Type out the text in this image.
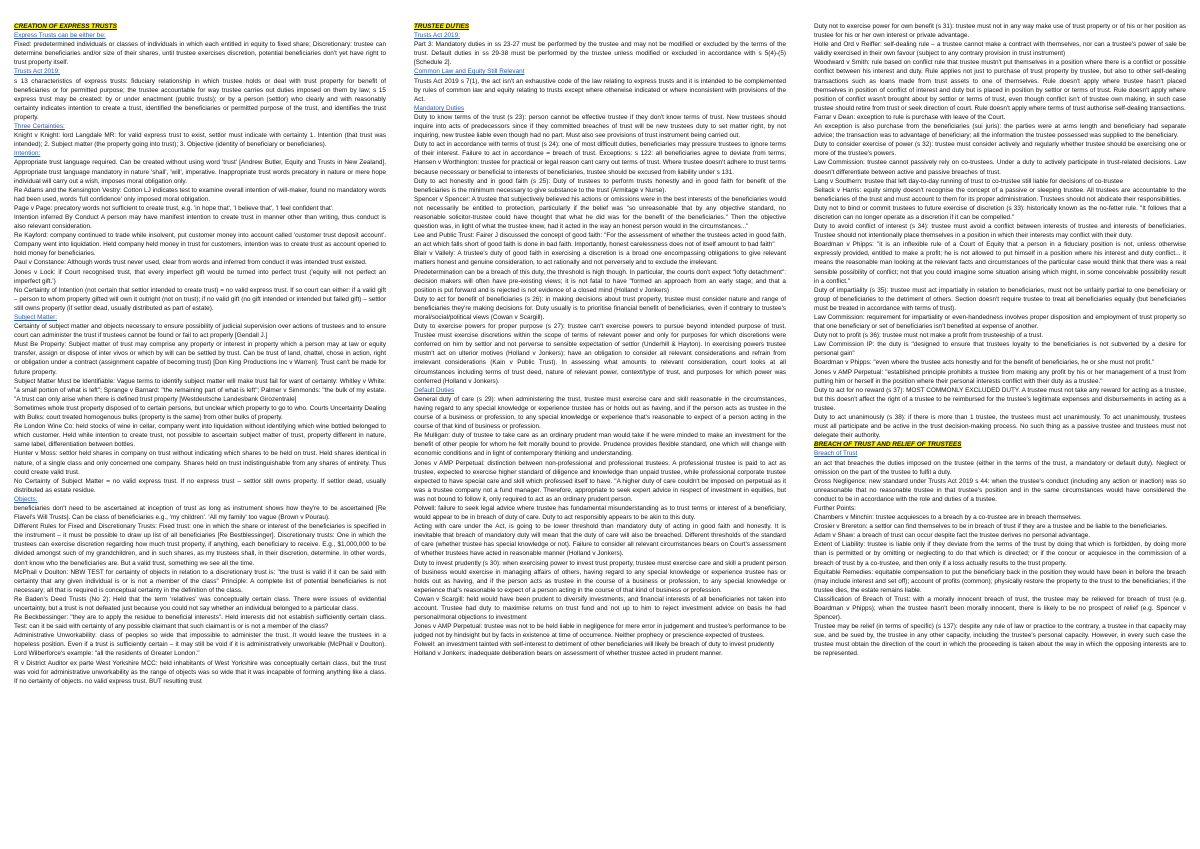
CREATION OF EXPRESS TRUSTS

Express Trusts can be either be:

Fixed: predetermined individuals or classes of individuals in which each entitled in equity to fixed share; Discretionary: trustee can determine beneficiaries and/or size of their shares, until trustee exercises discretion, potential beneficiaries don't yet have right to trust property itself.

Trusts Act 2019:

s 13 characteristics of express trusts: fiduciary relationship in which trustee holds or deal with trust property for benefit of beneficiaries or for permitted purpose; the trustee accountable for way trustee carries out duties imposed on them by law; s 15 express trust may be created: by or under enactment (public trusts); or by a person (settlor) who clearly and with reasonably certainty indicates intention to create a trust, identified the beneficiaries or permitted purpose of the trust, and identifies the trust property.

Three Certainties:

Knight v Knight: lord Langdale MR: for valid express trust to exist, settlor must indicate with certainty 1. Intention (that trust was intended); 2. Subject matter (the property going into trust); 3. Objective (identity of beneficiary or beneficiaries).

Intention:

Appropriate trust language required. Can be created without using word 'trust' [Andrew Butler, Equity and Trusts in New Zealand]. Appropriate trust language mandatory in nature 'shall', 'will', imperative. Inappropriate trust words precatory in nature or mere hope individual will carry out a wish, imposes moral obligation only.

Re Adams and the Kensington Vestry: Cotton LJ indicates test to examine overall intention of will-maker, found no mandatory words had been used, words 'full confidence' only imposed moral obligation.

Page v Page: precatory words not sufficient to create trust, e.g. 'in hope that', 'I believe that', 'I feel confident that'.

Intention inferred By Conduct A person may have manifest intention to create trust in manner other than writing, thus conduct is also relevant consideration.

Re Kayford: company continued to trade while insolvent, put customer money into account called 'customer trust deposit account'. Company went into liquidation. Held company held money in trust for customers, intention was to create trust as account opened to hold money for beneficiaries.

Paul v Constance: Although words trust never used, clear from words and inferred from conduct it was intended trust existed.

Jones v Lock: if Court recognised trust, that every imperfect gift would be turned into perfect trust ('equity will not perfect an imperfect gift.')

No Certainty of Intention (not certain that settlor intended to create trust) = no valid express trust. If so court can either: if a valid gift – person to whom property gifted will own it outright (not on trust); if no valid gift (no gift intended or intended but failed gift) – settlor still owns property (if settlor dead, usually distributed as part of estate).

Subject Matter:

Certainty of subject matter and objects necessary to ensure possibility of judicial supervision over actions of trustees and to ensure court can administer the trust if trustees cannot be found or fail to act properly [Gendall J.]

Must Be Property: Subject matter of trust may comprise any property or interest in property which a person may at law or equity transfer, assign or dispose of inter vivos or which by will can be settled by trust. Can be trust of land, chattel, chose in action, right or obligation under a contract (assignment capable of becoming trust) [Don King Productions Inc v Warren]. Trust can't be made for future property.

Subject Matter Must be Identifiable: Vague terms to identify subject matter will make trust fail for want of certainty: Whitley v White: "a small portion of what is left"; Sprange v Barnard: "the remaining part of what is left"; Palmer v Simmonds: "the bulk of my estate. "A trust can only arise when there is defined trust property [Westdeutsche Landesbank Girozentrale]

Sometimes whole trust property disposed of to certain persons, but unclear which property to go to who. Courts Uncertainty Dealing with Bulks: court treated homogenous bulks (property is the same) from other bulks of property.

Re London Wine Co: held stocks of wine in cellar, company went into liquidation without identifying which wine bottled belonged to which customer. Held while intention to create trust, not possible to ascertain subject matter of trust, property different in nature, same label, differentiation between bottles.

Hunter v Moss: settlor held shares in company on trust without indicating which shares to be held on trust. Held shares identical in nature, of a single class and only concerned one company. Shares held on trust indistinguishable from any shares of entirety. Thus could create valid trust.

No Certainty of Subject Matter = no valid express trust. If no express trust – settlor still owns property. If settlor dead, usually distributed as estate residue.

Objects:

beneficiaries don't need to be ascertained at inception of trust as long as instrument shows how they're to be ascertained [Re Flavel's Will Trusts]. Can be class of beneficiaries e.g., 'my children'. 'All my family' too vague (Brown v Pourau).

Different Rules for Fixed and Discretionary Trusts: Fixed trust: one in which the share or interest of the beneficiaries is specified in the instrument – it must be possible to draw up list of all beneficiaries [Re Bestblessinger]. Discretionary trusts: One in which the trustees can exercise discretion regarding how much trust property, if anything, each beneficiary to receive. E.g., $1,000,000 to be divided amongst such of my grandchildren, and in such shares, as my trustees shall, in their discretion, determine. In other words, don't know who the beneficiaries are. But a valid trust, something we see all the time.

McPhail v Doulton: NBW TEST for certainty of objects in relation to a discretionary trust is: "the trust is valid if it can be said with certainty that any given individual is or is not a member of the class" Principle: A complete list of potential beneficiaries is not necessary; all that is required is conceptual certainty in the definition of the class.

Re Baden's Deed Trusts (No 2): Held that the term 'relatives' was conceptually certain class. There were issues of evidential uncertainty, but a trust is not defeated just because you could not say whether an individual belonged to a particular class.

Re Beckbessinger: "they are to apply the residue to beneficial interests". Held interests did not establish sufficiently certain class. Test: can it be said with certainty of any possible claimant that such claimant is or is not a member of the class?

Administrative Unworkability: class of peoples so wide that impossible to administer the trust. It would leave the trustees in a hopeless position. Even if a trust is sufficiently certain – it may still be void if it is administratively unworkable (McPhail v Doulton). Lord Wilberforce's example: "all the residents of Greater London."

R v District Auditor ex parte West Yorkshire MCC: held inhabitants of West Yorkshire was conceptually certain class, but the trust was void for administrative unworkability as the range of objects was so wide that it was incapable of forming anything like a class. If no certainty of objects. no valid express trust. BUT resulting trust

TRUSTEE DUTIES

Trusts Act 2019:

Part 3: Mandatory duties in ss 23-27 must be performed by the trustee and may not be modified or excluded by the terms of the trust. Default duties in ss 29-38 must be performed by the trustee unless modified or excluded in accordance with s 5(4)-(5) [Schedule 2].

Common Law and Equity Still Relevant

Trusts Act 2019 s 7(1), the act isn't an exhaustive code of the law relating to express trusts and it is intended to be complemented by rules of common law and equity relating to trusts except where otherwise indicated or where inconsistent with provisions of the Act.

Mandatory Duties

Duty to know terms of the trust (s 23): person cannot be effective trustee if they don't know terms of trust. New trustees should inquire into acts of predecessors since if they committed breaches of trust will be new trustees duty to set matter right, by not inquiring, new trustee liable even though had no part. Must also see provisions of trust instrument being carried out.

Duty to act in accordance with terms of trust (s 24): one of most difficult duties, beneficiaries may pressure trustees to ignore terms of their interest. Failure to act in accordance = breach of trust. Exceptions: s 122: all beneficiaries agree to deviate from terms; Hansen v Worthington: trustee for practical or legal reason cant carry out terms of trust. Where trustee doesn't adhere to trust terms because necessary or beneficial to interests of beneficiaries, trustee should be excused from liability under s 131.

Duty to act honestly and in good faith (s 25): Duty of trustees to perform trusts honestly and in good faith for benefit of the beneficiaries is the minimum necessary to give substance to the trust (Armitage v Nurse).

Spencer v Spencer: A trustee that subjectively believed his actions or omissions were in the best interests of the beneficiaries would not necessarily be entitled to protection, particularly if the belief was "so unreasonable that by any objective standard, no reasonable solicitor-trustee could have thought that what he did was for the benefit of the beneficiaries." Then the objective question was, in light of what the trustee knew, had it acted in the way an honest person would in the circumstances..."

Lee and Public Trust: Fairer J discussed the concept of good faith: "For the assessment of whether the trustees acted in good faith, an act which falls short of good faith is done in bad faith. Importantly, honest carelessness does not of itself amount to bad faith"

Blair v Vallely: A trustee's duty of good faith in exercising a discretion is a broad one encompassing obligations to give relevant matters honest and genuine consideration, to act rationally and not perversely and to exclude the irrelevant.

Predetermination can be a breach of this duty, the threshold is high though. In particular, the courts don't expect "lofty detachment": decision makers will often have pre-existing views; it is not fatal to have "formed an approach from an early stage; and that a position is put forward and is rejected is not evidence of a closed mind (Holland v Jonkers)

Duty to act for benefit of beneficiaries (s 26): in making decisions about trust property, trustee must consider nature and range of beneficiaries they're making decisions for. Duty usually is to prioritise financial benefit of beneficiaries, even if contrary to trustee's moral/social/political views (Cowan v Scargill).

Duty to exercise powers for proper purpose (s 27): trustee can't exercise powers to pursue beyond intended purpose of trust. Trustee must exercise discretions within the scope of terms of relevant power and only for purposes for which discretions were conferred on him by settlor and not perverse to sensible expectation of settlor (Underhill & Hayton). In exercising powers trustee mustn't act on ulterior motives (Holland v Jonkers); have an obligation to consider all relevant considerations and refrain from irrelevant considerations (Kain v Public Trust). In assessing what amounts to relevant consideration, court looks at all circumstances including terms of trust deed, nature of relevant power, context/type of trust, and purposes for which power was conferred (Holland v Jonkers).

Default Duties

General duty of care (s 29): when administering the trust, trustee must exercise care and skill reasonable in the circumstances, having regard to any special knowledge or experience trustee has or holds out as having, and if the person acts as trustee in the course of a business or profession, to any special knowledge or experience that's reasonable to expect of a person acting in the course of that kind of business or profession.

Re Mulligan: duty of trustee to take care as an ordinary prudent man would take if he were minded to make an investment for the benefit of other people for whom he felt morally bound to provide. Prudence provides flexible standard, one which will change with economic conditions and in light of contemporary thinking and understanding.

Jones v AMP Perpetual: distinction between non-professional and professional trustees. A professional trustee is paid to act as trustee, expected to exercise higher standard of diligence and knowledge than unpaid trustee, while professional corporate trustee expected to have special care and skill which professed itself to have. "A higher duty of care couldn't be imposed on perpetual as it was a trustee company not a fund manager. Therefore, appropriate to seek expert advice in respect of investment in equities, but was not bound to follow it, only required to act as an ordinary prudent person.

Polwell: failure to seek legal advice where trustee has fundamental misunderstanding as to trust terms or interest of a beneficiary, would appear to be in breach of duty of care. Duty to act responsibly appears to be akin to this duty.

Acting with care under the Act, is going to be lower threshold than mandatory duty of acting in good faith and honestly. It is inevitable that breach of mandatory duty will mean that the duty of care will also be breached. Different thresholds of the standard of care (whether trustee has special knowledge or not). Failure to consider all relevant circumstances bears on Court's assessment of whether trustees have acted in reasonable manner (Holland v Jonkers).

Duty to invest prudently (s 30): when exercising power to invest trust property, trustee must exercise care and skill a prudent person of business would exercise in managing affairs of others, having regard to any special knowledge or experience trustee has or holds out as having, and if the person acts as trustee in the course of a business or profession, to any special knowledge or experience that's reasonable to expect of a person acting in the course of that kind of business or profession.

Cowan v Scargill: held would have been prudent to diversify investments, and financial interests of all beneficiaries not taken into account. Trustee had duty to maximise returns on trust fund and not up to him to reject investment advice on basis he had personal/moral objections to investment

Jones v AMP Perpetual: trustee was not to be held liable in negligence for mere error in judgement and trustee's performance to be judged not by hindsight but by facts in existence at time of occurrence. Neither prophecy or prescience expected of trustees.

Folwell: an investment tainted with self-interest to detriment of other beneficiaries will likely be breach of duty to invest prudently

Holland v Jonkers: inadequate deliberation bears on assessment of whether trustee acted in prudent manner.

Duty not to exercise power for own benefit (s 31): trustee must not in any way make use of trust property or of his or her position as trustee for his or her own interest or private advantage.

Holle and Ord v Reiffer: self-dealing rule – a trustee cannot make a contract with themselves, nor can a trustee's power of sale be validly exercised in their own favour (subject to any contrary provision in trust instrument)

Woodward v Smith: rule based on conflict rule that trustee mustn't put themselves in a position where there is a conflict or possible conflict between his interest and duty. Rule applies not just to purchase of trust property by trustee, but also to other self-dealing transactions such as loans made from trust assets to one of themselves. Rule doesn't apply where trustee hasn't placed themselves in position of conflict of interest and duty but is placed in position by settlor or terms of trust. Rule doesn't apply where position of conflict wasn't brought about by settlor or terms of trust, even though conflict isn't of trustee own making, in such case trustee should retire from trust or seek direction of court. Rule doesn't apply where terms of trust authorise self-dealing transactions.

Farrar v Dean: exception to rule is purchase with leave of the Court.

An exception is also purchase from the beneficiaries (sui juris): the parties were at arms length and beneficiary had separate advice; the transaction was to advantage of beneficiary; all the information the trustee possessed was supplied to the beneficiary.

Duty to consider exercise of power (s 32): trustee must consider actively and regularly whether trustee should be exercising one or more of the trustee's powers.

Law Commission: trustee cannot passively rely on co-trustees. Under a duty to actively participate in trust-related decisions. Law doesn't differentiate between active and passive breaches of trust.

Lang v Southern: trustee that left day-to-day running of trust to co-trustee still liable for decisions of co-trustee

Sellack v Harris: equity simply doesn't recognise the concept of a passive or sleeping trustee. All trustees are accountable to the beneficiaries of the trust and must account to them for its proper administration. Trustees should not abdicate their responsibilities.

Duty not to bind or commit trustees to future exercise of discretion (s 33): historically known as the no-fetter rule. "It follows that a discretion can no longer operate as a discretion if it can be compelled."

Duty to avoid conflict of interest (s 34): trustee must avoid a conflict between interests of trustee and interests of beneficiaries. Trustee should not intentionally place themselves in a position in which their interests may conflict with their duty.

Boardman v Phipps: "it is an inflexible rule of a Court of Equity that a person in a fiduciary position is not, unless otherwise expressly provided, entitled to make a profit; he is not allowed to put himself in a position where his interest and duty conflict... it means the reasonable man looking at the relevant facts and circumstances of the particular case would think that there was a real sensible possibility of conflict; not that you could imagine some situation arising which might, in some conceivable possibility result in a conflict."

Duty of impartiality (s 35): trustee must act impartially in relation to beneficiaries, must not be unfairly partial to one beneficiary or group of beneficiaries to the detriment of others. Section doesn't require trustee to treat all beneficiaries equally (but beneficiaries must be treated in accordance with terms of trust).

Law Commission: requirement for impartiality or even-handedness involves proper disposition and employment of trust property so that one beneficiary or set of beneficiaries isn't benefited at expense of another.

Duty not to profit (s 36): trustee must not make a profit from trusteeship of a trust.

Law Commission IP: the duty is "designed to ensure that trustees loyalty to the beneficiaries is not subverted by a desire for personal gain"

Boardman v Phipps: "even where the trustee acts honestly and for the benefit of beneficiaries, he or she must not profit."

Jones v AMP Perpetual: "established principle prohibits a trustee from making any profit by his or her management of a trust from putting him or herself in the position where their personal interests conflict with their duty as a trustee."

Duty to act for no reward (s 37): MOST COMMONLY EXCLUDED DUTY. A trustee must not take any reward for acting as a trustee, but this doesn't affect the right of a trustee to be reimbursed for the trustee's legitimate expenses and disbursements in acting as a trustee.

Duty to act unanimously (s 38): if there is more than 1 trustee, the trustees must act unanimously. To act unanimously, trustees must all participate and be active in the trust decision-making process. No such thing as a passive trustee and trustees must not delegate their authority.

BREACH OF TRUST AND RELIEF OF TRUSTEES

Breach of Trust

an act that breaches the duties imposed on the trustee (either in the terms of the trust, a mandatory or default duty). Neglect or omission on the part of the trustee to fulfil a duty.

Gross Negligence: new standard under Trusts Act 2019 s 44: when the trustee's conduct (including any action or inaction) was so unreasonable that no reasonable trustee in that trustee's position and in the same circumstances would have considered the conduct to be in accordance with the role and duties of a trustee.

Further Points:

Chambers v Minchin: trustee acquiesces to a breach by a co-trustee are in breach themselves.

Crosier v Brereton: a settlor can find themselves to be in breach of trust if they are a trustee and be liable to the beneficiaries.

Adam v Shaw: a breach of trust can occur despite fact the trustee derives no personal advantage.

Extent of Liability: trustee is liable only if they deviate from the terms of the trust by doing that which is forbidden, by doing more than is permitted or by omitting or neglecting to do that which is directed; or if the concur or acquiesce in the commission of a breach of trust by a co-trustee, and then only if a loss actually results to the trust property.

Equitable Remedies: equitable compensation to put the beneficiary back in the position they would have been in before the breach (may include interest and set off); account of profits (common); physically restore the property to the trust to the beneficiaries; if the trustee dies, the estate remains liable.

Classification of Breach of Trust: with a morally innocent breach of trust, the trustee may be relieved for breach of trust (e.g. Boardman v Phipps); when the trustee hasn't been morally innocent, there is likely to be no prospect of relief (e.g. Spencer v Spencer).

Trustee may be relief (in terms of specific) (s 137): despite any rule of law or practice to the contrary, a trustee in that capacity may sue, and be sued by, the trustee in any other capacity, including the trustee's personal capacity. However, in every such case the trustee must obtain the direction of the court in which the proceeding is taken about the way in which the opposing interests are to be represented.
